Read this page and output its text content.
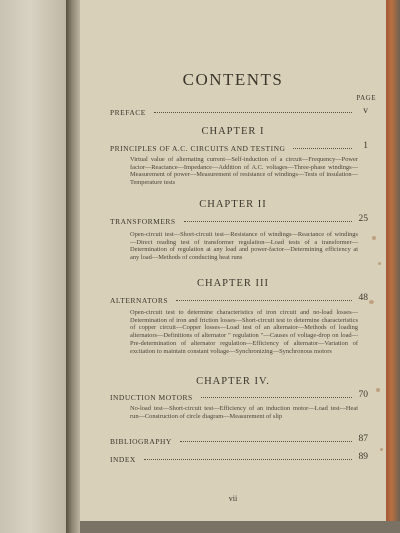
CONTENTS
PAGE
PREFACE	v
CHAPTER I
PRINCIPLES OF A.C. CIRCUITS AND TESTING	1
Virtual value of alternating current—Self-induction of a circuit—Frequency—Power factor—Reactance—Impedance—Addition of A.C. voltages—Three-phase windings—Measurement of power—Measurement of resistance of windings—Tests of insulation—Temperature tests
CHAPTER II
TRANSFORMERS	25
Open-circuit test—Short-circuit test—Resistance of windings—Reactance of windings—Direct reading test of transformer regulation—Load tests of a transformer—Determination of regulation at any load and power-factor—Determining efficiency at any load—Methods of conducting heat runs
CHAPTER III
ALTERNATORS	48
Open-circuit test to determine characteristics of iron circuit and no-load losses—Determination of iron and friction losses—Short-circuit test to determine characteristics of copper circuit—Copper losses—Load test of an alternator—Methods of loading alternators—Definitions of alternator " regulation "—Causes of voltage-drop on load—Pre-determination of alternator regulation—Efficiency of alternator—Variation of excitation to maintain constant voltage—Synchronizing—Synchronous motors
CHAPTER IV.
INDUCTION MOTORS	70
No-load test—Short-circuit test—Efficiency of an induction motor—Load test—Heat run—Construction of circle diagram—Measurement of slip
BIBLIOGRAPHY	87
INDEX	89
vii
